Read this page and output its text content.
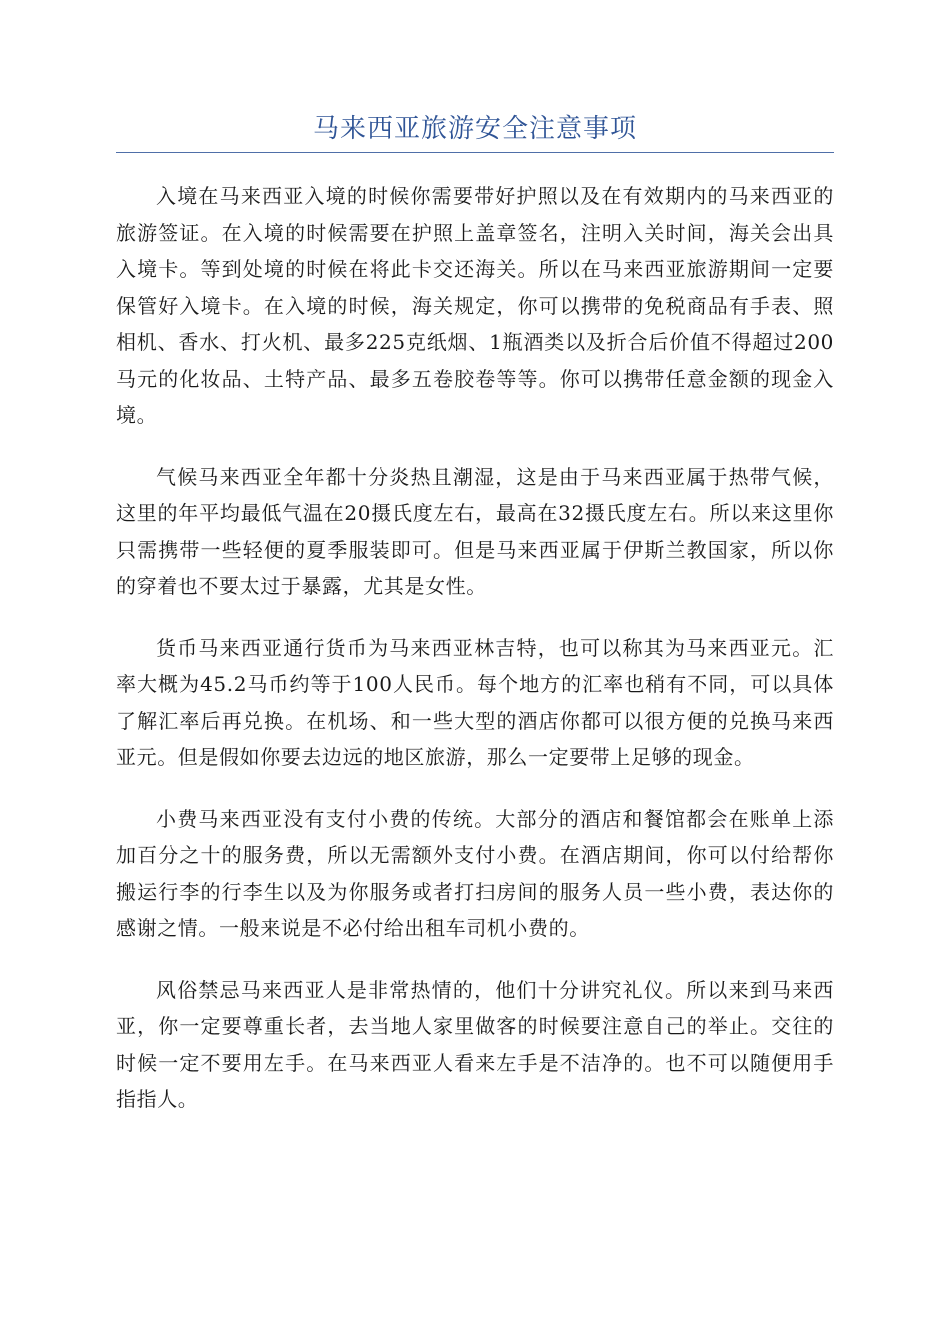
马来西亚旅游安全注意事项

入境在马来西亚入境的时候你需要带好护照以及在有效期内的马来西亚的旅游签证。在入境的时候需要在护照上盖章签名，注明入关时间，海关会出具入境卡。等到处境的时候在将此卡交还海关。所以在马来西亚旅游期间一定要保管好入境卡。在入境的时候，海关规定，你可以携带的免税商品有手表、照相机、香水、打火机、最多225克纸烟、1瓶酒类以及折合后价值不得超过200马元的化妆品、土特产品、最多五卷胶卷等等。你可以携带任意金额的现金入境。

气候马来西亚全年都十分炎热且潮湿，这是由于马来西亚属于热带气候，这里的年平均最低气温在20摄氏度左右，最高在32摄氏度左右。所以来这里你只需携带一些轻便的夏季服装即可。但是马来西亚属于伊斯兰教国家，所以你的穿着也不要太过于暴露，尤其是女性。

货币马来西亚通行货币为马来西亚林吉特，也可以称其为马来西亚元。汇率大概为45.2马币约等于100人民币。每个地方的汇率也稍有不同，可以具体了解汇率后再兑换。在机场、和一些大型的酒店你都可以很方便的兑换马来西亚元。但是假如你要去边远的地区旅游，那么一定要带上足够的现金。

小费马来西亚没有支付小费的传统。大部分的酒店和餐馆都会在账单上添加百分之十的服务费，所以无需额外支付小费。在酒店期间，你可以付给帮你搬运行李的行李生以及为你服务或者打扫房间的服务人员一些小费，表达你的感谢之情。一般来说是不必付给出租车司机小费的。

风俗禁忌马来西亚人是非常热情的，他们十分讲究礼仪。所以来到马来西亚，你一定要尊重长者，去当地人家里做客的时候要注意自己的举止。交往的时候一定不要用左手。在马来西亚人看来左手是不洁净的。也不可以随便用手指指人。
